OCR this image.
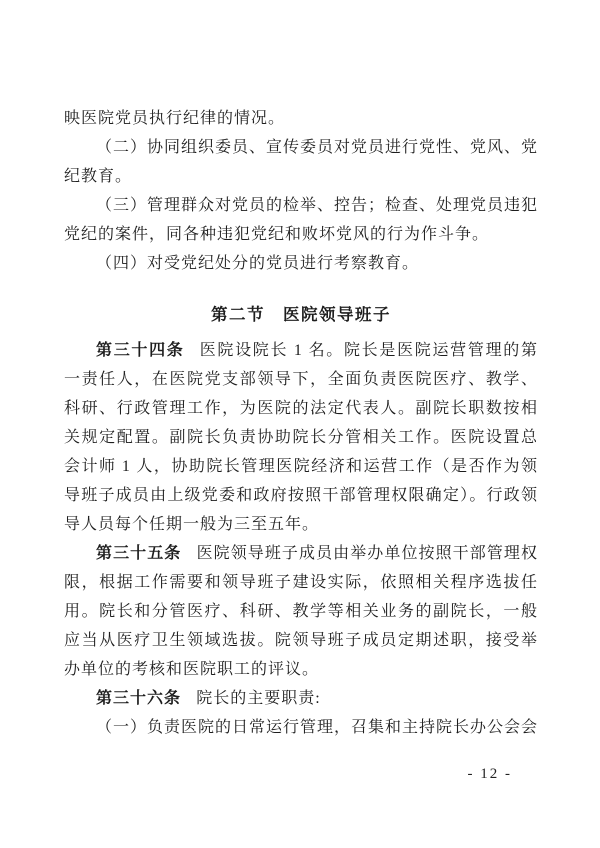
映医院党员执行纪律的情况。

（二）协同组织委员、宣传委员对党员进行党性、党风、党纪教育。

（三）管理群众对党员的检举、控告；检查、处理党员违犯党纪的案件，同各种违犯党纪和败坏党风的行为作斗争。

（四）对受党纪处分的党员进行考察教育。

第二节　医院领导班子

第三十四条 医院设院长 1 名。院长是医院运营管理的第一责任人，在医院党支部领导下，全面负责医院医疗、教学、科研、行政管理工作，为医院的法定代表人。副院长职数按相关规定配置。副院长负责协助院长分管相关工作。医院设置总会计师 1 人，协助院长管理医院经济和运营工作（是否作为领导班子成员由上级党委和政府按照干部管理权限确定）。行政领导人员每个任期一般为三至五年。

第三十五条 医院领导班子成员由举办单位按照干部管理权限，根据工作需要和领导班子建设实际，依照相关程序选拔任用。院长和分管医疗、科研、教学等相关业务的副院长，一般应当从医疗卫生领域选拔。院领导班子成员定期述职，接受举办单位的考核和医院职工的评议。

第三十六条 院长的主要职责:

（一）负责医院的日常运行管理，召集和主持院长办公会会

- 12 -
